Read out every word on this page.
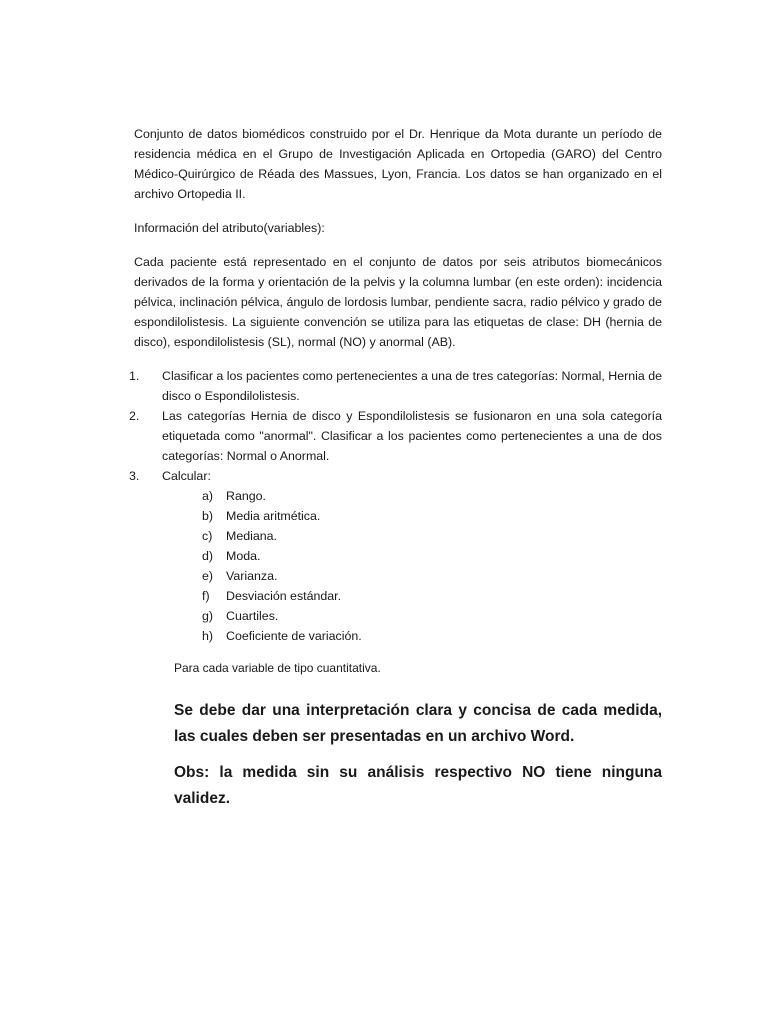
Conjunto de datos biomédicos construido por el Dr. Henrique da Mota durante un período de residencia médica en el Grupo de Investigación Aplicada en Ortopedia (GARO) del Centro Médico-Quirúrgico de Réada des Massues, Lyon, Francia. Los datos se han organizado en el archivo Ortopedia II.

Información del atributo(variables):

Cada paciente está representado en el conjunto de datos por seis atributos biomecánicos derivados de la forma y orientación de la pelvis y la columna lumbar (en este orden): incidencia pélvica, inclinación pélvica, ángulo de lordosis lumbar, pendiente sacra, radio pélvico y grado de espondilolistesis. La siguiente convención se utiliza para las etiquetas de clase: DH (hernia de disco), espondilolistesis (SL), normal (NO) y anormal (AB).

1. Clasificar a los pacientes como pertenecientes a una de tres categorías: Normal, Hernia de disco o Espondilolistesis.
2. Las categorías Hernia de disco y Espondilolistesis se fusionaron en una sola categoría etiquetada como "anormal". Clasificar a los pacientes como pertenecientes a una de dos categorías: Normal o Anormal.
3. Calcular:
a) Rango.
b) Media aritmética.
c) Mediana.
d) Moda.
e) Varianza.
f) Desviación estándar.
g) Cuartiles.
h) Coeficiente de variación.

Para cada variable de tipo cuantitativa.

Se debe dar una interpretación clara y concisa de cada medida, las cuales deben ser presentadas en un archivo Word.

Obs: la medida sin su análisis respectivo NO tiene ninguna validez.
